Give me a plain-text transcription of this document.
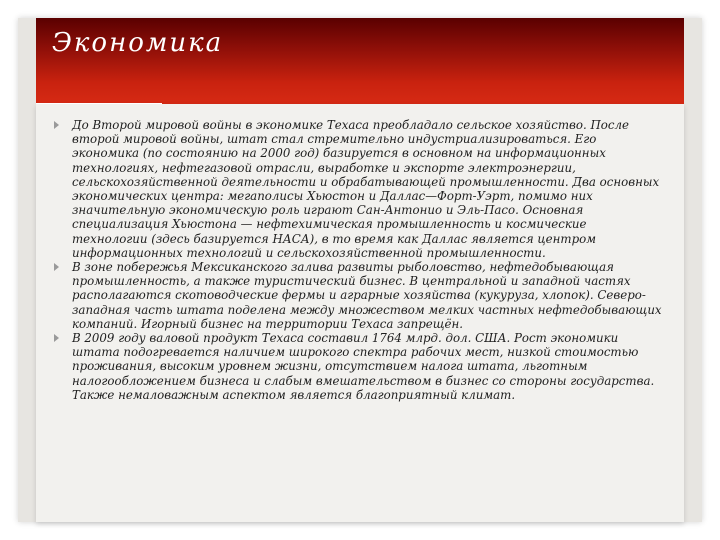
Экономика
До Второй мировой войны в экономике Техаса преобладало сельское хозяйство. После второй мировой войны, штат стал стремительно индустриализироваться. Его экономика (по состоянию на 2000 год) базируется в основном на информационных технологиях, нефтегазовой отрасли, выработке и экспорте электроэнергии, сельскохозяйственной деятельности и обрабатывающей промышленности. Два основных экономических центра: мегаполисы Хьюстон и Даллас—Форт-Уэрт, помимо них значительную экономическую роль играют Сан-Антонио и Эль-Пасо. Основная специализация Хьюстона — нефтехимическая промышленность и космические технологии (здесь базируется НАСА), в то время как Даллас является центром информационных технологий и сельскохозяйственной промышленности.
В зоне побережья Мексиканского залива развиты рыболовство, нефтедобывающая промышленность, а также туристический бизнес. В центральной и западной частях располагаются скотоводческие фермы и аграрные хозяйства (кукуруза, хлопок). Северо-западная часть штата поделена между множеством мелких частных нефтедобывающих компаний. Игорный бизнес на территории Техаса запрещён.
В 2009 году валовой продукт Техаса составил 1764 млрд. дол. США. Рост экономики штата подогревается наличием широкого спектра рабочих мест, низкой стоимостью проживания, высоким уровнем жизни, отсутствием налога штата, льготным налогообложением бизнеса и слабым вмешательством в бизнес со стороны государства. Также немаловажным аспектом является благоприятный климат.
